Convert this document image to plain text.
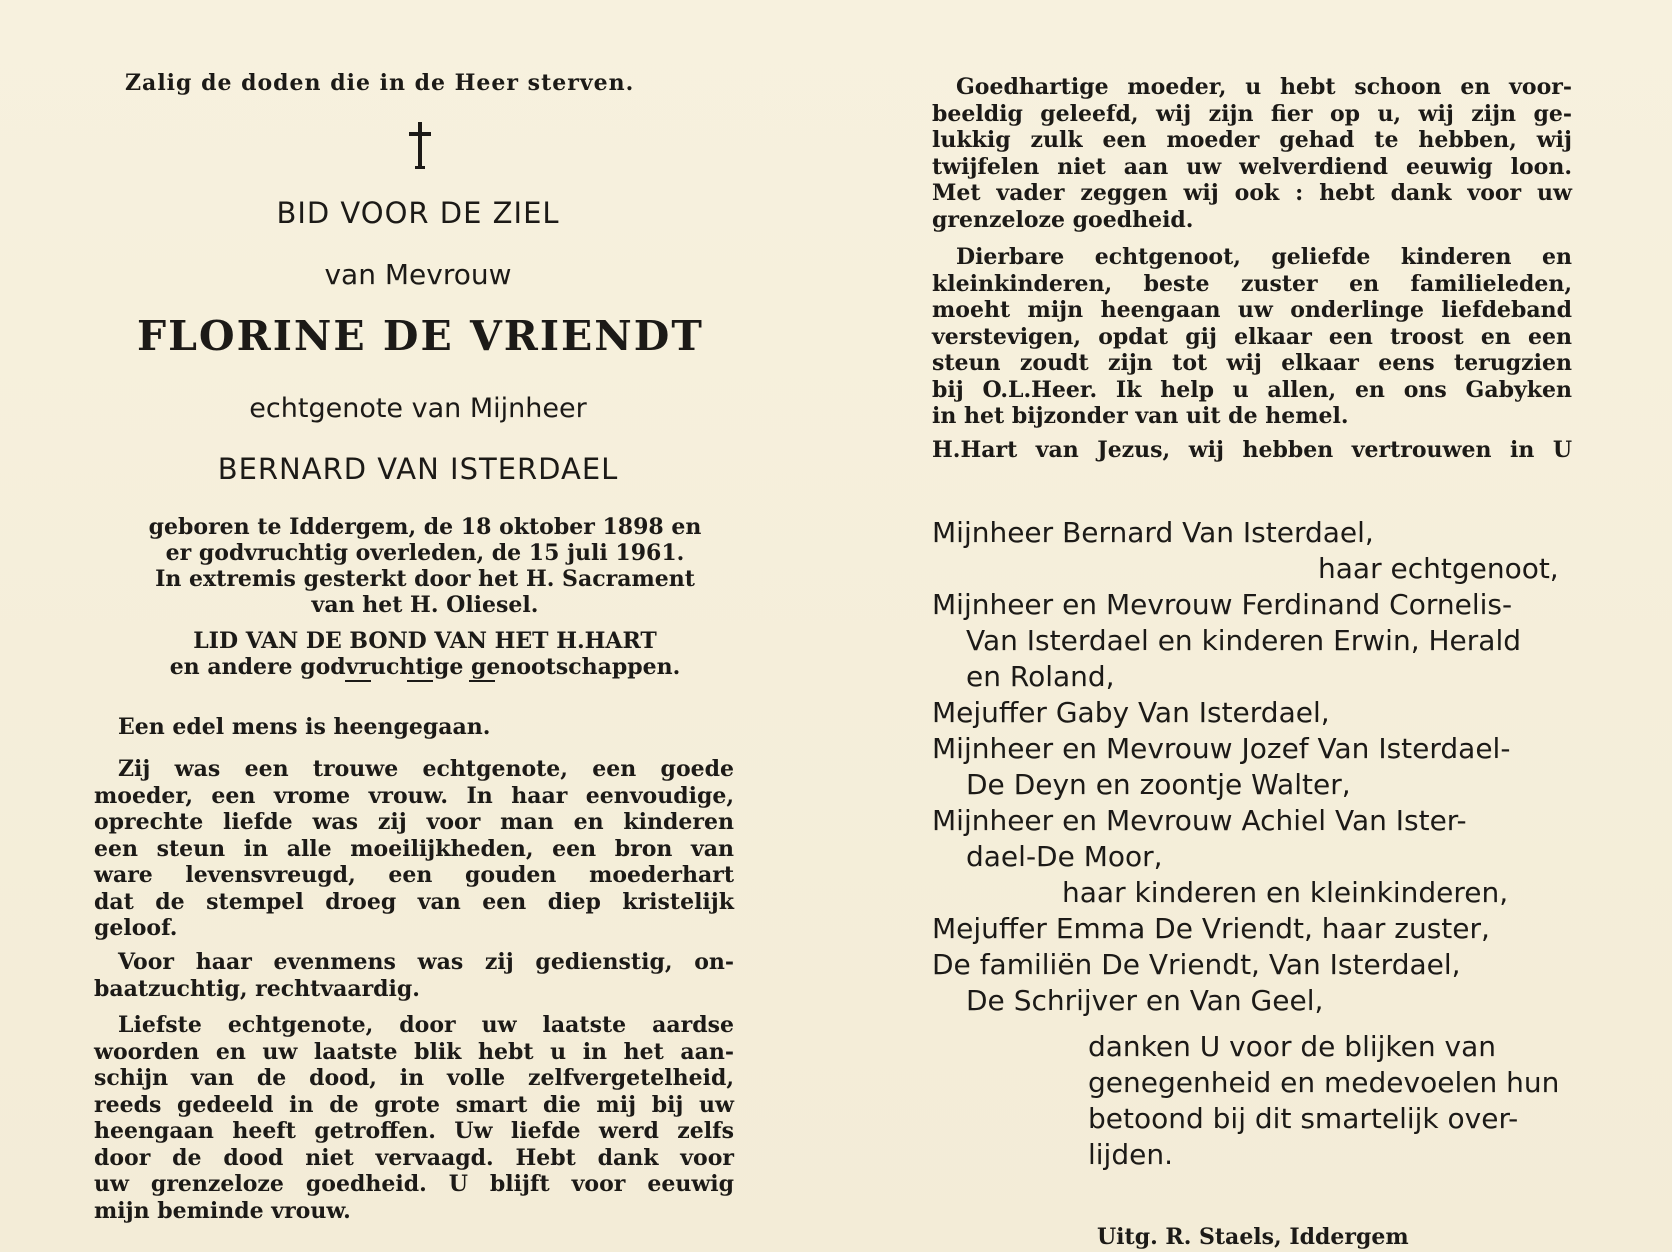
Zalig de doden die in de Heer sterven.
BID VOOR DE ZIEL
van Mevrouw
FLORINE DE VRIENDT
echtgenote van Mijnheer
BERNARD VAN ISTERDAEL
geboren te Iddergem, de 18 oktober 1898 en
er godvruchtig overleden, de 15 juli 1961.
In extremis gesterkt door het H. Sacrament
van het H. Oliesel.
LID VAN DE BOND VAN HET H.HART
en andere godvruchtige genootschappen.
Een edel mens is heengegaan.
Zij was een trouwe echtgenote, een goede
moeder, een vrome vrouw. In haar eenvoudige,
oprechte liefde was zij voor man en kinderen
een steun in alle moeilijkheden, een bron van
ware levensvreugd, een gouden moederhart
dat de stempel droeg van een diep kristelijk
geloof.
Voor haar evenmens was zij gedienstig, on-
baatzuchtig, rechtvaardig.
Liefste echtgenote, door uw laatste aardse
woorden en uw laatste blik hebt u in het aan-
schijn van de dood, in volle zelfvergetelheid,
reeds gedeeld in de grote smart die mij bij uw
heengaan heeft getroffen. Uw liefde werd zelfs
door de dood niet vervaagd. Hebt dank voor
uw grenzeloze goedheid. U blijft voor eeuwig
mijn beminde vrouw.
Goedhartige moeder, u hebt schoon en voor-
beeldig geleefd, wij zijn fier op u, wij zijn ge-
lukkig zulk een moeder gehad te hebben, wij
twijfelen niet aan uw welverdiend eeuwig loon.
Met vader zeggen wij ook : hebt dank voor uw
grenzeloze goedheid.
Dierbare echtgenoot, geliefde kinderen en
kleinkinderen, beste zuster en familieleden,
moeht mijn heengaan uw onderlinge liefdeband
verstevigen, opdat gij elkaar een troost en een
steun zoudt zijn tot wij elkaar eens terugzien
bij O.L.Heer. Ik help u allen, en ons Gabyken
in het bijzonder van uit de hemel.
H.Hart van Jezus, wij hebben vertrouwen in U
Mijnheer Bernard Van Isterdael,
haar echtgenoot,
Mijnheer en Mevrouw Ferdinand Cornelis-
Van Isterdael en kinderen Erwin, Herald
en Roland,
Mejuffer Gaby Van Isterdael,
Mijnheer en Mevrouw Jozef Van Isterdael-
De Deyn en zoontje Walter,
Mijnheer en Mevrouw Achiel Van Ister-
dael-De Moor,
haar kinderen en kleinkinderen,
Mejuffer Emma De Vriendt, haar zuster,
De familiën De Vriendt, Van Isterdael,
De Schrijver en Van Geel,
danken U voor de blijken van
genegenheid en medevoelen hun
betoond bij dit smartelijk over-
lijden.
Uitg. R. Staels, Iddergem
